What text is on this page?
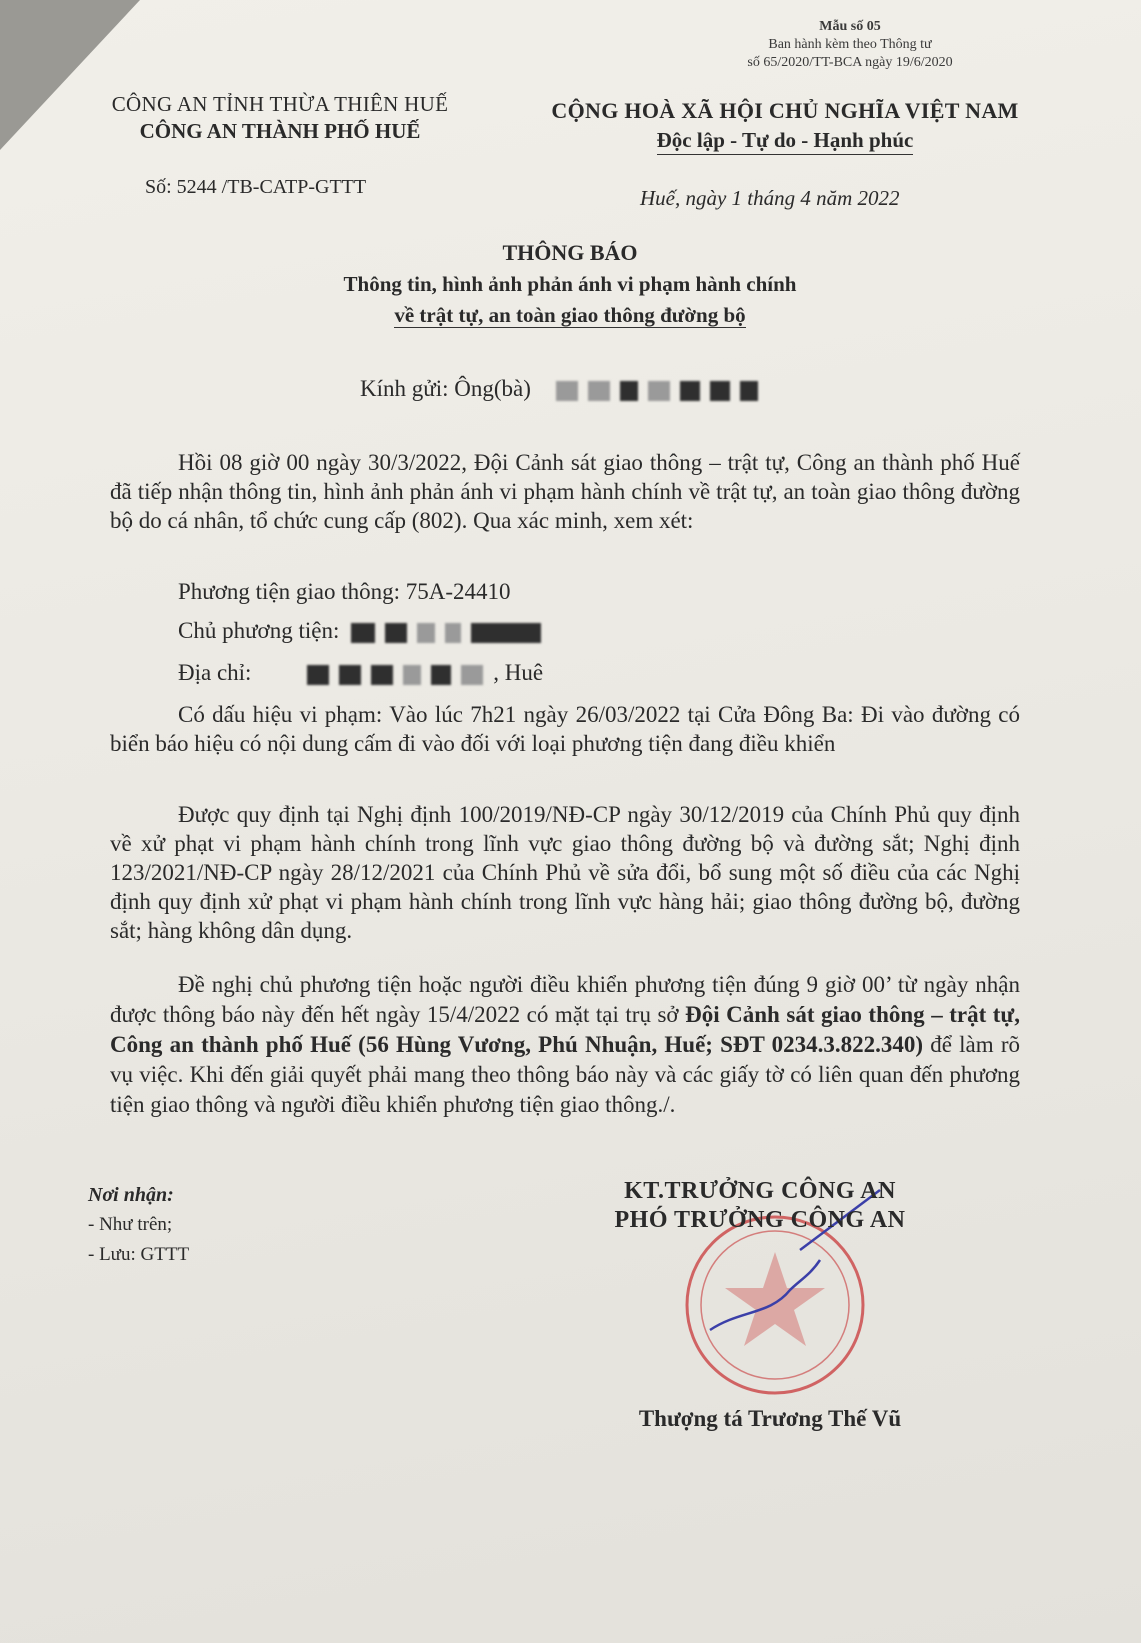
Mẫu số 05
Ban hành kèm theo Thông tư
số 65/2020/TT-BCA ngày 19/6/2020
CÔNG AN TỈNH THỪA THIÊN HUẾ
CÔNG AN THÀNH PHỐ HUẾ
CỘNG HOÀ XÃ HỘI CHỦ NGHĨA VIỆT NAM
Độc lập - Tự do - Hạnh phúc
Số: 5244 /TB-CATP-GTTT	Huế, ngày 1 tháng 4 năm 2022
THÔNG BÁO
Thông tin, hình ảnh phản ánh vi phạm hành chính
về trật tự, an toàn giao thông đường bộ
Kính gửi: Ông(bà)
Hồi 08 giờ 00 ngày 30/3/2022, Đội Cảnh sát giao thông – trật tự, Công an thành phố Huế đã tiếp nhận thông tin, hình ảnh phản ánh vi phạm hành chính về trật tự, an toàn giao thông đường bộ do cá nhân, tổ chức cung cấp (802). Qua xác minh, xem xét:
Phương tiện giao thông: 75A-24410
Chủ phương tiện:
Địa chỉ:	, Huê
Có dấu hiệu vi phạm: Vào lúc 7h21 ngày 26/03/2022 tại Cửa Đông Ba: Đi vào đường có biển báo hiệu có nội dung cấm đi vào đối với loại phương tiện đang điều khiển
Được quy định tại Nghị định 100/2019/NĐ-CP ngày 30/12/2019 của Chính Phủ quy định về xử phạt vi phạm hành chính trong lĩnh vực giao thông đường bộ và đường sắt; Nghị định 123/2021/NĐ-CP ngày 28/12/2021 của Chính Phủ về sửa đổi, bổ sung một số điều của các Nghị định quy định xử phạt vi phạm hành chính trong lĩnh vực hàng hải; giao thông đường bộ, đường sắt; hàng không dân dụng.
Đề nghị chủ phương tiện hoặc người điều khiển phương tiện đúng 9 giờ 00’ từ ngày nhận được thông báo này đến hết ngày 15/4/2022 có mặt tại trụ sở Đội Cảnh sát giao thông – trật tự, Công an thành phố Huế (56 Hùng Vương, Phú Nhuận, Huế; SĐT 0234.3.822.340) để làm rõ vụ việc. Khi đến giải quyết phải mang theo thông báo này và các giấy tờ có liên quan đến phương tiện giao thông và người điều khiển phương tiện giao thông./.
Nơi nhận:
- Như trên;
- Lưu: GTTT
KT.TRƯỞNG CÔNG AN
PHÓ TRƯỞNG CÔNG AN
Thượng tá Trương Thế Vũ
